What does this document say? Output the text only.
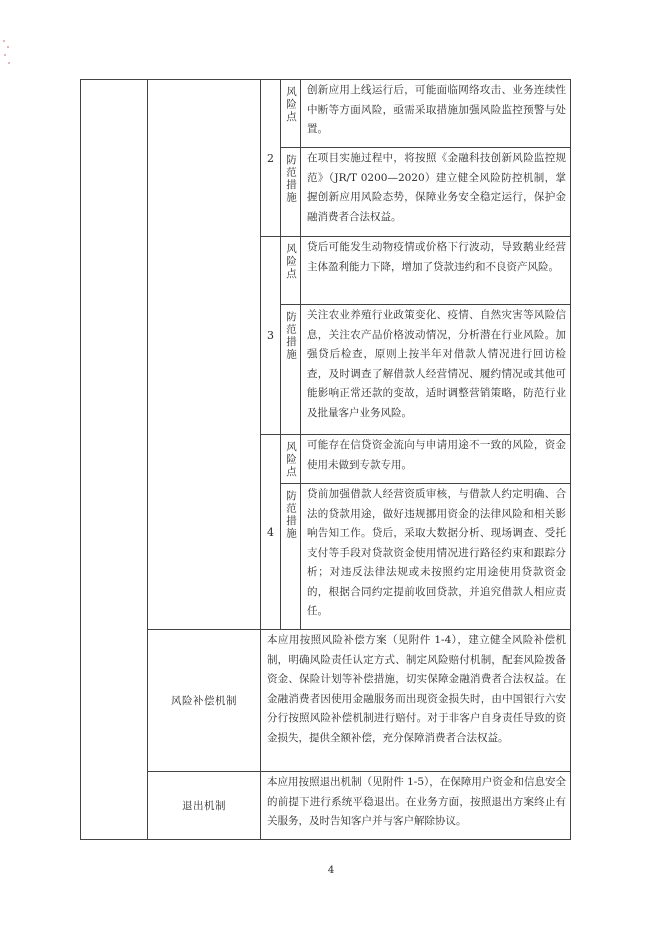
		2	风险点	创新应用上线运行后，可能面临网络攻击、业务连续性中断等方面风险，亟需采取措施加强风险监控预警与处置。

			防范措施	在项目实施过程中，将按照《金融科技创新风险监控规范》（JR/T 0200—2020）建立健全风险防控机制，掌握创新应用风险态势，保障业务安全稳定运行，保护金融消费者合法权益。

		3	风险点	贷后可能发生动物疫情或价格下行波动，导致鹅业经营主体盈利能力下降，增加了贷款违约和不良资产风险。

			防范措施	关注农业养殖行业政策变化、疫情、自然灾害等风险信息，关注农产品价格波动情况，分析潜在行业风险。加强贷后检查，原则上按半年对借款人情况进行回访检查，及时调查了解借款人经营情况、履约情况或其他可能影响正常还款的变故，适时调整营销策略，防范行业及批量客户业务风险。

		4	风险点	可能存在信贷资金流向与申请用途不一致的风险，资金使用未做到专款专用。

			防范措施	贷前加强借款人经营资质审核，与借款人约定明确、合法的贷款用途，做好违规挪用资金的法律风险和相关影响告知工作。贷后，采取大数据分析、现场调查、受托支付等手段对贷款资金使用情况进行路径约束和跟踪分析；对违反法律法规或未按照约定用途使用贷款资金的，根据合同约定提前收回贷款，并追究借款人相应责任。

	风险补偿机制	本应用按照风险补偿方案（见附件 1-4），建立健全风险补偿机制，明确风险责任认定方式、制定风险赔付机制，配套风险拨备资金、保险计划等补偿措施，切实保障金融消费者合法权益。在金融消费者因使用金融服务而出现资金损失时，由中国银行六安分行按照风险补偿机制进行赔付。对于非客户自身责任导致的资金损失，提供全额补偿，充分保障消费者合法权益。		

	退出机制	本应用按照退出机制（见附件 1-5），在保障用户资金和信息安全的前提下进行系统平稳退出。在业务方面，按照退出方案终止有关服务，及时告知客户并与客户解除协议。		
4
